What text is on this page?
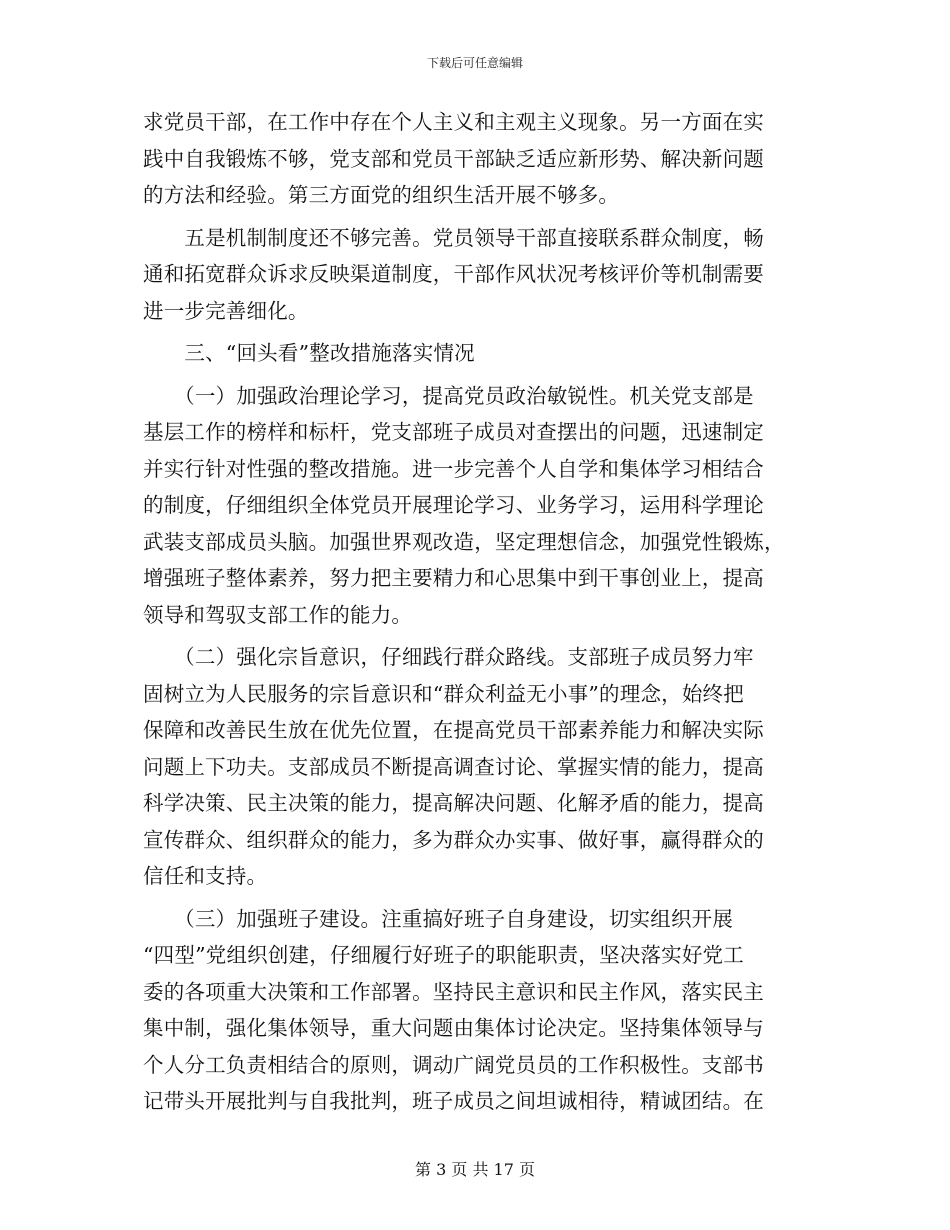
下载后可任意编辑
求党员干部，在工作中存在个人主义和主观主义现象。另一方面在实
践中自我锻炼不够，党支部和党员干部缺乏适应新形势、解决新问题
的方法和经验。第三方面党的组织生活开展不够多。
　　五是机制制度还不够完善。党员领导干部直接联系群众制度，畅
通和拓宽群众诉求反映渠道制度，干部作风状况考核评价等机制需要
进一步完善细化。
　　三、“回头看”整改措施落实情况
　　（一）加强政治理论学习，提高党员政治敏锐性。机关党支部是
基层工作的榜样和标杆，党支部班子成员对查摆出的问题，迅速制定
并实行针对性强的整改措施。进一步完善个人自学和集体学习相结合
的制度，仔细组织全体党员开展理论学习、业务学习，运用科学理论
武装支部成员头脑。加强世界观改造，坚定理想信念，加强党性锻炼，
增强班子整体素养，努力把主要精力和心思集中到干事创业上，提高
领导和驾驭支部工作的能力。
　　（二）强化宗旨意识，仔细践行群众路线。支部班子成员努力牢
固树立为人民服务的宗旨意识和“群众利益无小事”的理念，始终把
保障和改善民生放在优先位置，在提高党员干部素养能力和解决实际
问题上下功夫。支部成员不断提高调查讨论、掌握实情的能力，提高
科学决策、民主决策的能力，提高解决问题、化解矛盾的能力，提高
宣传群众、组织群众的能力，多为群众办实事、做好事，赢得群众的
信任和支持。
　　（三）加强班子建设。注重搞好班子自身建设，切实组织开展
“四型”党组织创建，仔细履行好班子的职能职责，坚决落实好党工
委的各项重大决策和工作部署。坚持民主意识和民主作风，落实民主
集中制，强化集体领导，重大问题由集体讨论决定。坚持集体领导与
个人分工负责相结合的原则，调动广阔党员员的工作积极性。支部书
记带头开展批判与自我批判，班子成员之间坦诚相待，精诚团结。在
第 3 页 共 17 页
